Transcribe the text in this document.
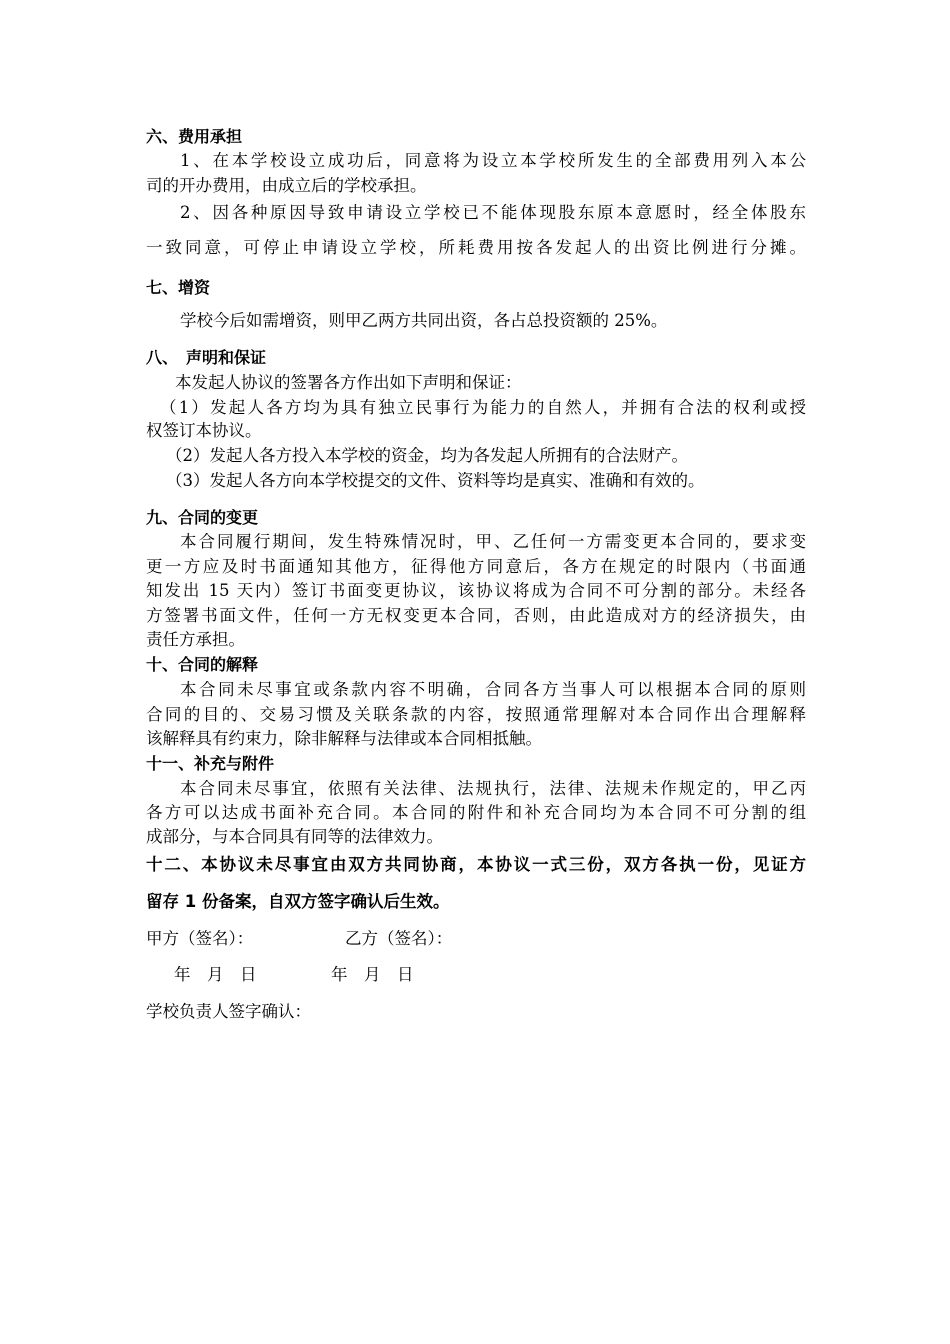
六、费用承担
1、在本学校设立成功后，同意将为设立本学校所发生的全部费用列入本公
司的开办费用，由成立后的学校承担。
2、因各种原因导致申请设立学校已不能体现股东原本意愿时，经全体股东
一致同意，可停止申请设立学校，所耗费用按各发起人的出资比例进行分摊。
七、增资
学校今后如需增资，则甲乙两方共同出资，各占总投资额的 25%。
八、　声明和保证
本发起人协议的签署各方作出如下声明和保证：
（1）发起人各方均为具有独立民事行为能力的自然人，并拥有合法的权利或授
权签订本协议。
（2）发起人各方投入本学校的资金，均为各发起人所拥有的合法财产。
（3）发起人各方向本学校提交的文件、资料等均是真实、准确和有效的。
九、合同的变更
本合同履行期间，发生特殊情况时，甲、乙任何一方需变更本合同的，要求变
更一方应及时书面通知其他方，征得他方同意后，各方在规定的时限内（书面通
知发出 15 天内）签订书面变更协议，该协议将成为合同不可分割的部分。未经各
方签署书面文件，任何一方无权变更本合同，否则，由此造成对方的经济损失，由
责任方承担。
十、合同的解释
本合同未尽事宜或条款内容不明确，合同各方当事人可以根据本合同的原则
合同的目的、交易习惯及关联条款的内容，按照通常理解对本合同作出合理解释
该解释具有约束力，除非解释与法律或本合同相抵触。
十一、补充与附件
本合同未尽事宜，依照有关法律、法规执行，法律、法规未作规定的，甲乙丙
各方可以达成书面补充合同。本合同的附件和补充合同均为本合同不可分割的组
成部分，与本合同具有同等的法律效力。
十二、本协议未尽事宜由双方共同协商，本协议一式三份，双方各执一份，见证方
留存 1 份备案，自双方签字确认后生效。
甲方（签名）：	乙方（签名）：
年　月　日	年　月　日
学校负责人签字确认：
